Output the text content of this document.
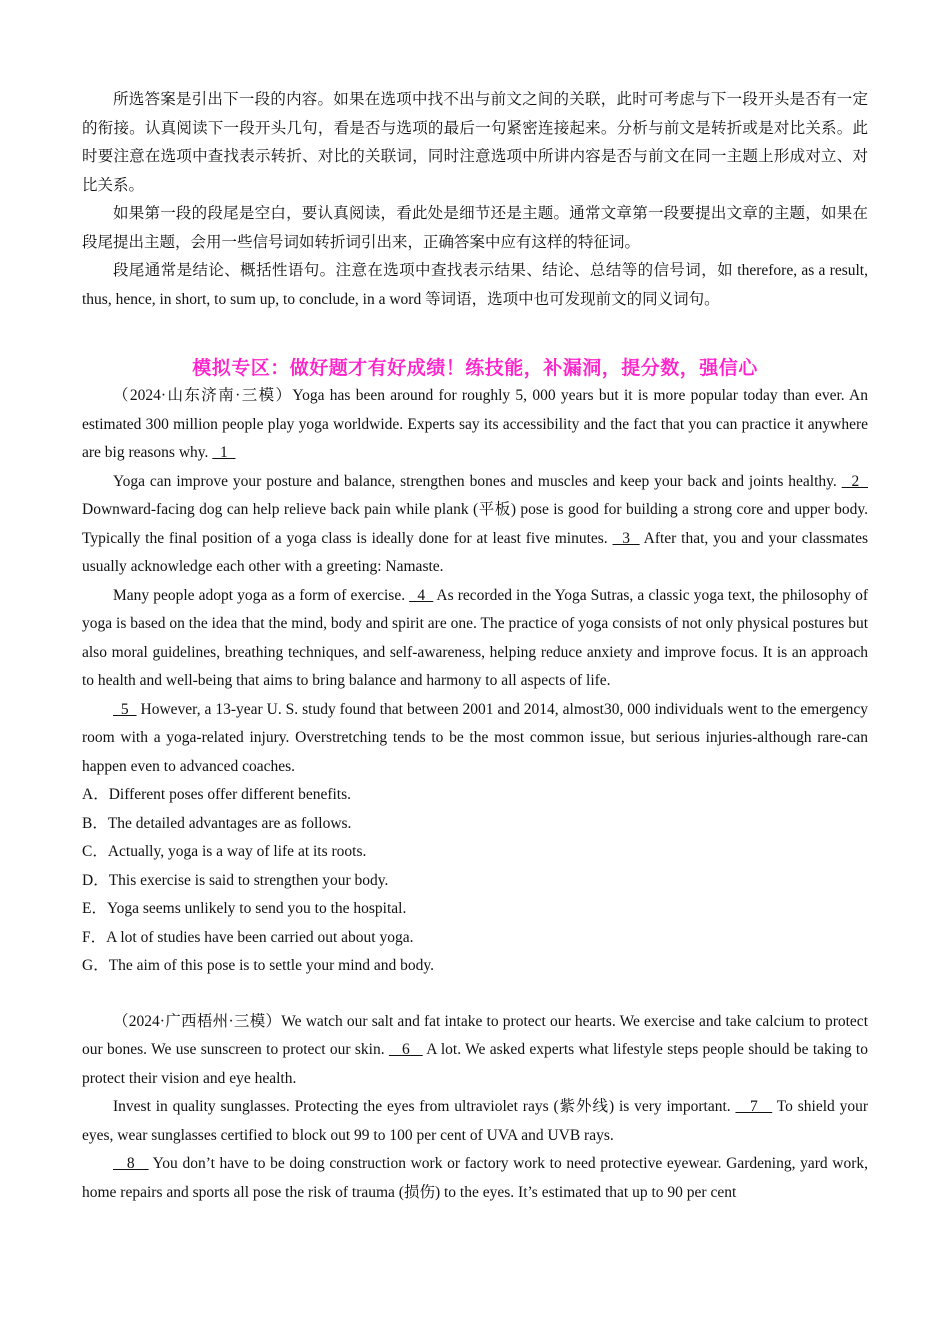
所选答案是引出下一段的内容。如果在选项中找不出与前文之间的关联，此时可考虑与下一段开头是否有一定的衔接。认真阅读下一段开头几句，看是否与选项的最后一句紧密连接起来。分析与前文是转折或是对比关系。此时要注意在选项中查找表示转折、对比的关联词，同时注意选项中所讲内容是否与前文在同一主题上形成对立、对比关系。

如果第一段的段尾是空白，要认真阅读，看此处是细节还是主题。通常文章第一段要提出文章的主题，如果在段尾提出主题，会用一些信号词如转折词引出来，正确答案中应有这样的特征词。

段尾通常是结论、概括性语句。注意在选项中查找表示结果、结论、总结等的信号词，如 therefore, as a result, thus, hence, in short, to sum up, to conclude, in a word 等词语，选项中也可发现前文的同义词句。

模拟专区：做好题才有好成绩！练技能，补漏洞，提分数，强信心

（2024·山东济南·三模）Yoga has been around for roughly 5, 000 years but it is more popular today than ever. An estimated 300 million people play yoga worldwide. Experts say its accessibility and the fact that you can practice it anywhere are big reasons why.   1

Yoga can improve your posture and balance, strengthen bones and muscles and keep your back and joints healthy.   2   Downward-facing dog can help relieve back pain while plank (平板) pose is good for building a strong core and upper body. Typically the final position of a yoga class is ideally done for at least five minutes.   3   After that, you and your classmates usually acknowledge each other with a greeting: Namaste.

Many people adopt yoga as a form of exercise.   4   As recorded in the Yoga Sutras, a classic yoga text, the philosophy of yoga is based on the idea that the mind, body and spirit are one. The practice of yoga consists of not only physical postures but also moral guidelines, breathing techniques, and self-awareness, helping reduce anxiety and improve focus. It is an approach to health and well-being that aims to bring balance and harmony to all aspects of life.

5   However, a 13-year U. S. study found that between 2001 and 2014, almost30, 000 individuals went to the emergency room with a yoga-related injury. Overstretching tends to be the most common issue, but serious injuries-although rare-can happen even to advanced coaches.

A．Different poses offer different benefits.

B．The detailed advantages are as follows.

C．Actually, yoga is a way of life at its roots.

D．This exercise is said to strengthen your body.

E．Yoga seems unlikely to send you to the hospital.

F．A lot of studies have been carried out about yoga.

G．The aim of this pose is to settle your mind and body.

（2024·广西梧州·三模）We watch our salt and fat intake to protect our hearts. We exercise and take calcium to protect our bones. We use sunscreen to protect our skin.    6    A lot. We asked experts what lifestyle steps people should be taking to protect their vision and eye health.

Invest in quality sunglasses. Protecting the eyes from ultraviolet rays (紫外线) is very important.    7    To shield your eyes, wear sunglasses certified to block out 99 to 100 per cent of UVA and UVB rays.

8    You don’t have to be doing construction work or factory work to need protective eyewear. Gardening, yard work, home repairs and sports all pose the risk of trauma (损伤) to the eyes. It’s estimated that up to 90 per cent
